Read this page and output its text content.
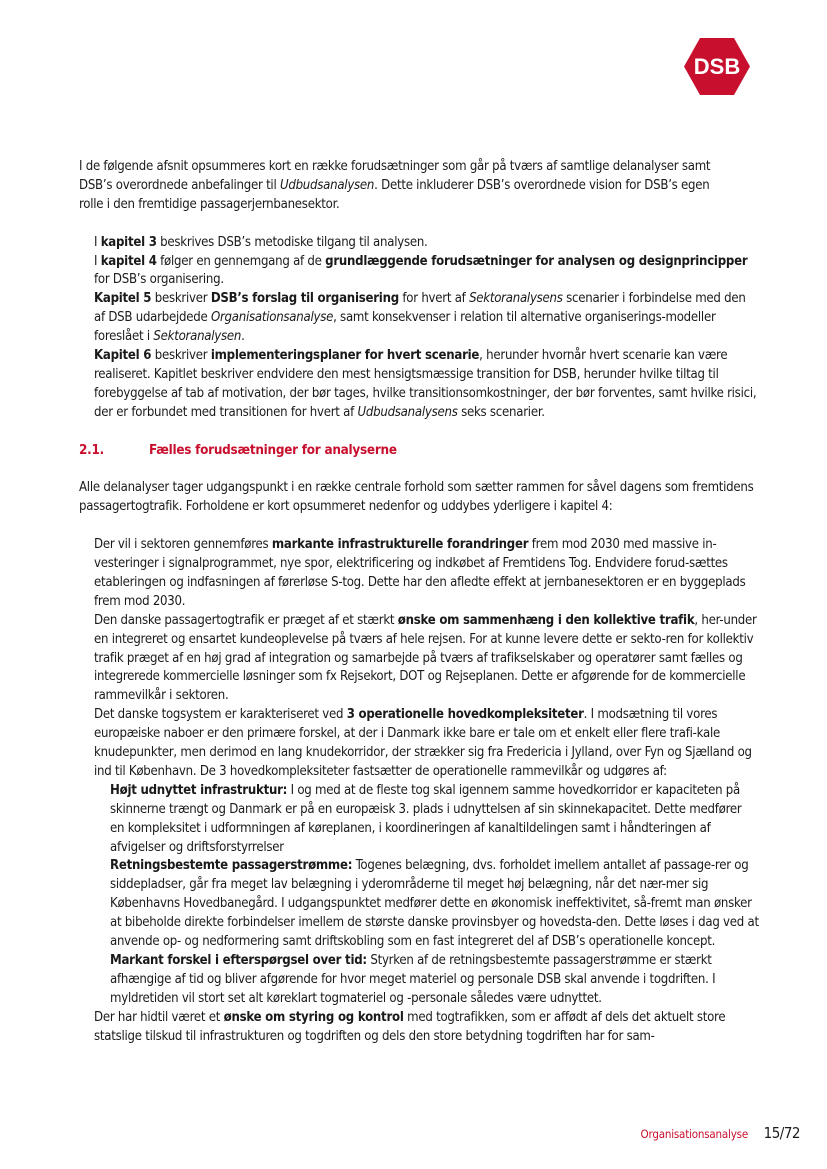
DSB

I de følgende afsnit opsummeres kort en række forudsætninger som går på tværs af samtlige delanalyser samt
DSB’s overordnede anbefalinger til Udbudsanalysen. Dette inkluderer DSB’s overordnede vision for DSB’s egen
rolle i den fremtidige passagerjernbanesektor.

I kapitel 3 beskrives DSB’s metodiske tilgang til analysen.

I kapitel 4 følger en gennemgang af de grundlæggende forudsætninger for analysen og designprincipper for DSB’s organisering.

Kapitel 5 beskriver DSB’s forslag til organisering for hvert af Sektoranalysens scenarier i forbindelse med den af DSB udarbejdede Organisationsanalyse, samt konsekvenser i relation til alternative organiserings-modeller foreslået i Sektoranalysen.

Kapitel 6 beskriver implementeringsplaner for hvert scenarie, herunder hvornår hvert scenarie kan være realiseret. Kapitlet beskriver endvidere den mest hensigtsmæssige transition for DSB, herunder hvilke tiltag til forebyggelse af tab af motivation, der bør tages, hvilke transitionsomkostninger, der bør forventes, samt hvilke risici, der er forbundet med transitionen for hvert af Udbudsanalysens seks scenarier.

2.1.	Fælles forudsætninger for analyserne

Alle delanalyser tager udgangspunkt i en række centrale forhold som sætter rammen for såvel dagens som fremtidens passagertogtrafik. Forholdene er kort opsummeret nedenfor og uddybes yderligere i kapitel 4:

Der vil i sektoren gennemføres markante infrastrukturelle forandringer frem mod 2030 med massive in-vesteringer i signalprogrammet, nye spor, elektrificering og indkøbet af Fremtidens Tog. Endvidere forud-sættes etableringen og indfasningen af førerløse S-tog. Dette har den afledte effekt at jernbanesektoren er en byggeplads frem mod 2030.

Den danske passagertogtrafik er præget af et stærkt ønske om sammenhæng i den kollektive trafik, her-under en integreret og ensartet kundeoplevelse på tværs af hele rejsen. For at kunne levere dette er sekto-ren for kollektiv trafik præget af en høj grad af integration og samarbejde på tværs af trafikselskaber og operatører samt fælles og integrerede kommercielle løsninger som fx Rejsekort, DOT og Rejseplanen. Dette er afgørende for de kommercielle rammevilkår i sektoren.

Det danske togsystem er karakteriseret ved 3 operationelle hovedkompleksiteter. I modsætning til vores europæiske naboer er den primære forskel, at der i Danmark ikke bare er tale om et enkelt eller flere trafi-kale knudepunkter, men derimod en lang knudekorridor, der strækker sig fra Fredericia i Jylland, over Fyn og Sjælland og ind til København. De 3 hovedkompleksiteter fastsætter de operationelle rammevilkår og udgøres af:

Højt udnyttet infrastruktur: I og med at de fleste tog skal igennem samme hovedkorridor er kapaciteten på skinnerne trængt og Danmark er på en europæisk 3. plads i udnyttelsen af sin skinnekapacitet. Dette medfører en kompleksitet i udformningen af køreplanen, i koordineringen af kanaltildelingen samt i håndteringen af afvigelser og driftsforstyrrelser

Retningsbestemte passagerstrømme: Togenes belægning, dvs. forholdet imellem antallet af passage-rer og siddepladser, går fra meget lav belægning i yderområderne til meget høj belægning, når det nær-mer sig Københavns Hovedbanegård. I udgangspunktet medfører dette en økonomisk ineffektivitet, så-fremt man ønsker at bibeholde direkte forbindelser imellem de største danske provinsbyer og hovedsta-den. Dette løses i dag ved at anvende op- og nedformering samt driftskobling som en fast integreret del af DSB’s operationelle koncept.

Markant forskel i efterspørgsel over tid: Styrken af de retningsbestemte passagerstrømme er stærkt afhængige af tid og bliver afgørende for hvor meget materiel og personale DSB skal anvende i togdriften. I myldretiden vil stort set alt køreklart togmateriel og -personale således være udnyttet.

Der har hidtil været et ønske om styring og kontrol med togtrafikken, som er affødt af dels det aktuelt store statslige tilskud til infrastrukturen og togdriften og dels den store betydning togdriften har for sam-

Organisationsanalyse 15/72
